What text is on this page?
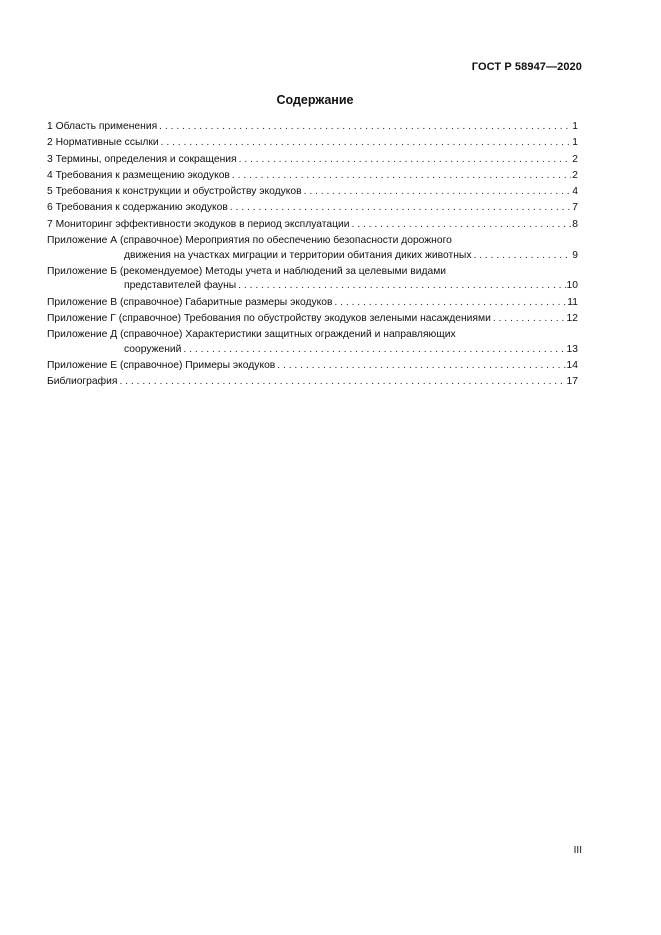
ГОСТ Р 58947—2020
Содержание
1 Область применения . . .	1
2 Нормативные ссылки . . .	1
3 Термины, определения и сокращения . . .	2
4 Требования к размещению экодуков . . .	2
5 Требования к конструкции и обустройству экодуков . . .	4
6 Требования к содержанию экодуков . . .	7
7 Мониторинг эффективности экодуков в период эксплуатации . . .	8
Приложение А (справочное) Мероприятия по обеспечению безопасности дорожного
движения на участках миграции и территории обитания диких животных . . .	9
Приложение Б (рекомендуемое) Методы учета и наблюдений за целевыми видами
представителей фауны . . .	10
Приложение В (справочное) Габаритные размеры экодуков . . .	11
Приложение Г (справочное) Требования по обустройству экодуков зелеными насаждениями . . .	12
Приложение Д (справочное) Характеристики защитных ограждений и направляющих
сооружений . . .	13
Приложение Е (справочное) Примеры экодуков . . .	14
Библиография . . .	17
III
